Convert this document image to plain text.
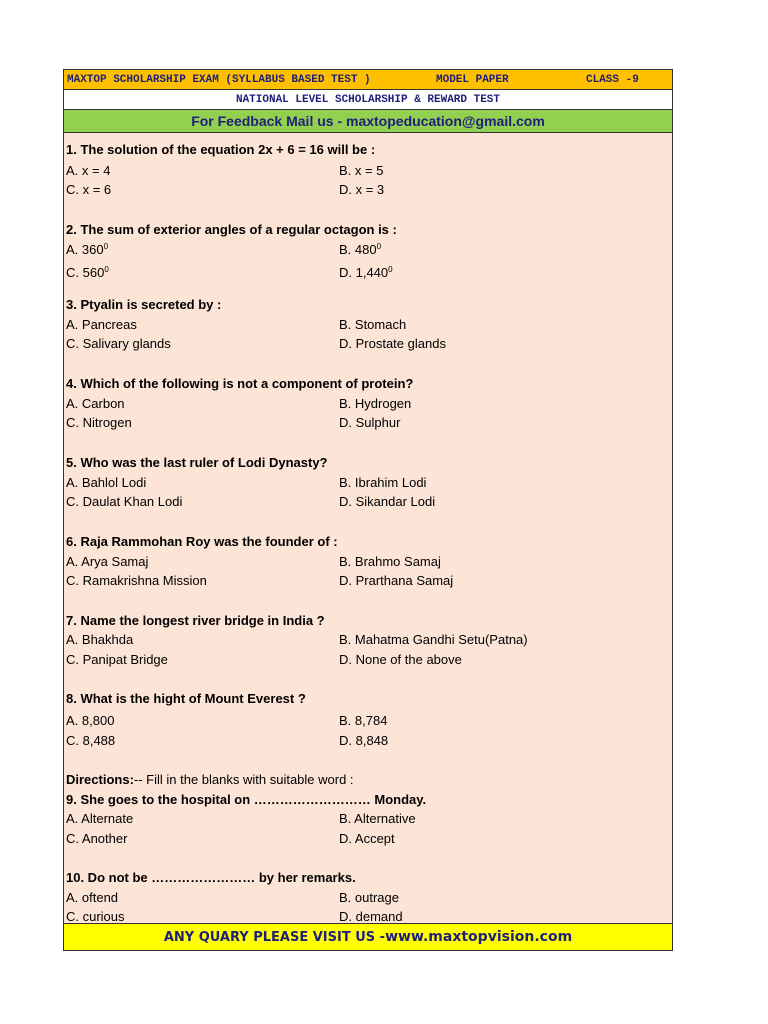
MAXTOP SCHOLARSHIP EXAM (SYLLABUS BASED TEST )	MODEL PAPER	CLASS -9
NATIONAL LEVEL SCHOLARSHIP & REWARD TEST
For Feedback Mail us - maxtopeducation@gmail.com
1. The solution of the equation 2x + 6 = 16 will be :
A. x = 4	B. x = 5
C. x = 6	D. x = 3
2. The sum of exterior angles of a regular octagon is :
A. $360^0$	B. $480^0$
C. $560^0$	D. 1,440$^0$
3. Ptyalin is secreted by :
A. Pancreas	B. Stomach
C. Salivary glands	D. Prostate glands
4. Which of the following is not a component of protein?
A. Carbon	B. Hydrogen
C. Nitrogen	D. Sulphur
5. Who was the last ruler of Lodi Dynasty?
A. Bahlol Lodi	B. Ibrahim Lodi
C. Daulat Khan Lodi	D. Sikandar Lodi
6. Raja Rammohan Roy was the founder of :
A. Arya Samaj	B. Brahmo Samaj
C. Ramakrishna Mission	D. Prarthana Samaj
7. Name the longest river bridge in India ?
A. Bhakhda	B. Mahatma Gandhi Setu(Patna)
C. Panipat Bridge	D. None of the above
8. What is the hight of Mount Everest ?
A. 8,800	B. 8,784
C. 8,488	D. 8,848
Directions:-- Fill in the blanks with suitable word :
9. She goes to the hospital on ……………………… Monday.
A. Alternate	B. Alternative
C. Another	D. Accept
10. Do not be …………………… by her remarks.
A. oftend	B. outrage
C. curious	D. demand
ANY QUARY PLEASE VISIT US -www.maxtopvision.com
